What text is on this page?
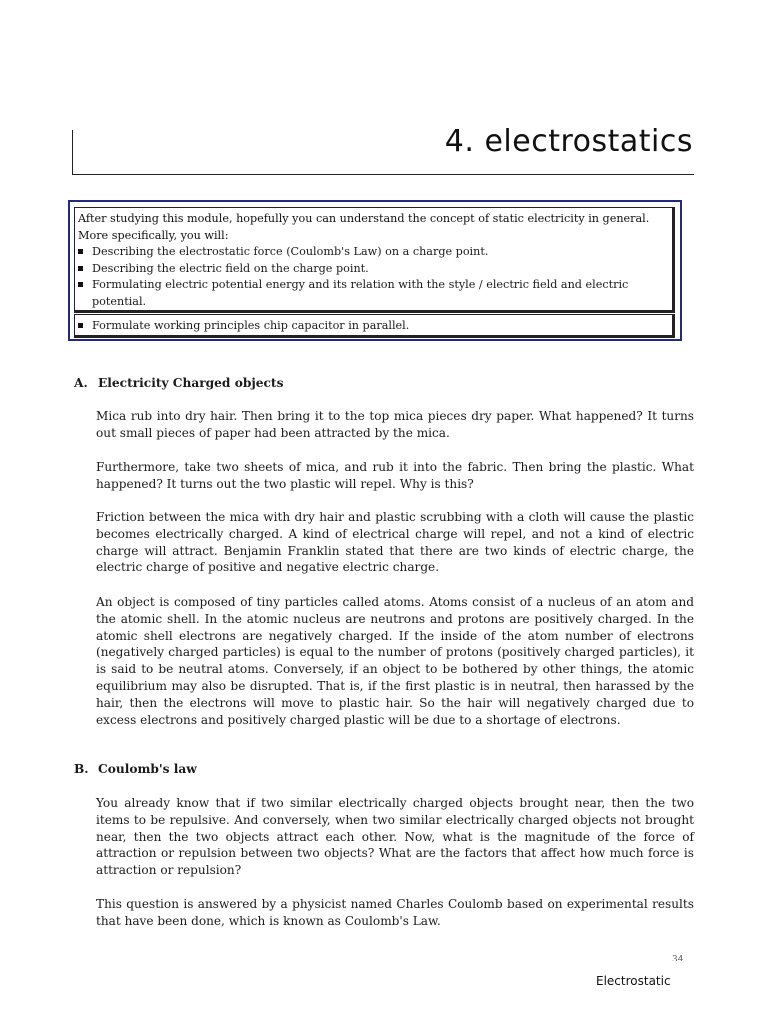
4. electrostatics
After studying this module, hopefully you can understand the concept of static electricity in general. More specifically, you will:
Describing the electrostatic force (Coulomb's Law) on a charge point.
Describing the electric field on the charge point.
Formulating electric potential energy and its relation with the style / electric field and electric potential.
Formulate working principles chip capacitor in parallel.
A. Electricity Charged objects

Mica rub into dry hair. Then bring it to the top mica pieces dry paper. What happened? It turns out small pieces of paper had been attracted by the mica.

Furthermore, take two sheets of mica, and rub it into the fabric. Then bring the plastic. What happened? It turns out the two plastic will repel. Why is this?

Friction between the mica with dry hair and plastic scrubbing with a cloth will cause the plastic becomes electrically charged. A kind of electrical charge will repel, and not a kind of electric charge will attract. Benjamin Franklin stated that there are two kinds of electric charge, the electric charge of positive and negative electric charge.

An object is composed of tiny particles called atoms. Atoms consist of a nucleus of an atom and the atomic shell. In the atomic nucleus are neutrons and protons are positively charged. In the atomic shell electrons are negatively charged. If the inside of the atom number of electrons (negatively charged particles) is equal to the number of protons (positively charged particles), it is said to be neutral atoms. Conversely, if an object to be bothered by other things, the atomic equilibrium may also be disrupted. That is, if the first plastic is in neutral, then harassed by the hair, then the electrons will move to plastic hair. So the hair will negatively charged due to excess electrons and positively charged plastic will be due to a shortage of electrons.

B. Coulomb's law

You already know that if two similar electrically charged objects brought near, then the two items to be repulsive. And conversely, when two similar electrically charged objects not brought near, then the two objects attract each other. Now, what is the magnitude of the force of attraction or repulsion between two objects? What are the factors that affect how much force is attraction or repulsion?

This question is answered by a physicist named Charles Coulomb based on experimental results that have been done, which is known as Coulomb's Law.

34
Electrostatic
